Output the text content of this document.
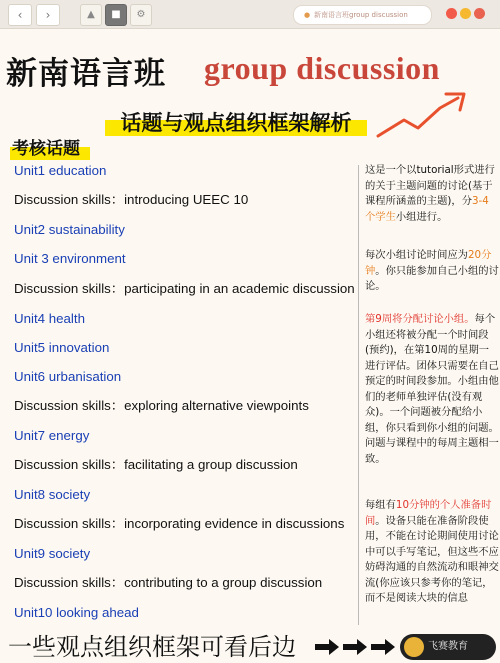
‹	›	▲	■	⚙	● 新南语言班group discussion
新南语言班 group discussion
话题与观点组织框架解析
考核话题
Unit1 education
Discussion skills：introducing UEEC 10
Unit2 sustainability
Unit 3 environment
Discussion skills：participating in an academic discussion
Unit4 health
Unit5 innovation
Unit6 urbanisation
Discussion skills：exploring alternative viewpoints
Unit7 energy
Discussion skills：facilitating a group discussion
Unit8 society
Discussion skills：incorporating evidence in discussions
Unit9 society
Discussion skills：contributing to a group discussion
Unit10 looking ahead
这是一个以tutorial形式进行的关于主题问题的讨论(基于课程所涵盖的主题)，分3-4个学生小组进行。
每次小组讨论时间应为20分钟。你只能参加自己小组的讨论。
第9周将分配讨论小组。每个小组还将被分配一个时间段(预约)，在第10周的星期一进行评估。团体只需要在自己预定的时间段参加。小组由他们的老师单独评估(没有观众)。一个问题被分配给小组，你只看到你小组的问题。问题与课程中的每周主题相一致。
每组有10分钟的个人准备时间。设备只能在准备阶段使用，不能在讨论期间使用讨论中可以手写笔记，但这些不应妨碍沟通的自然流动和眼神交流(你应该只参考你的笔记，而不是阅读大块的信息
一些观点组织框架可看后边	飞赛教育
